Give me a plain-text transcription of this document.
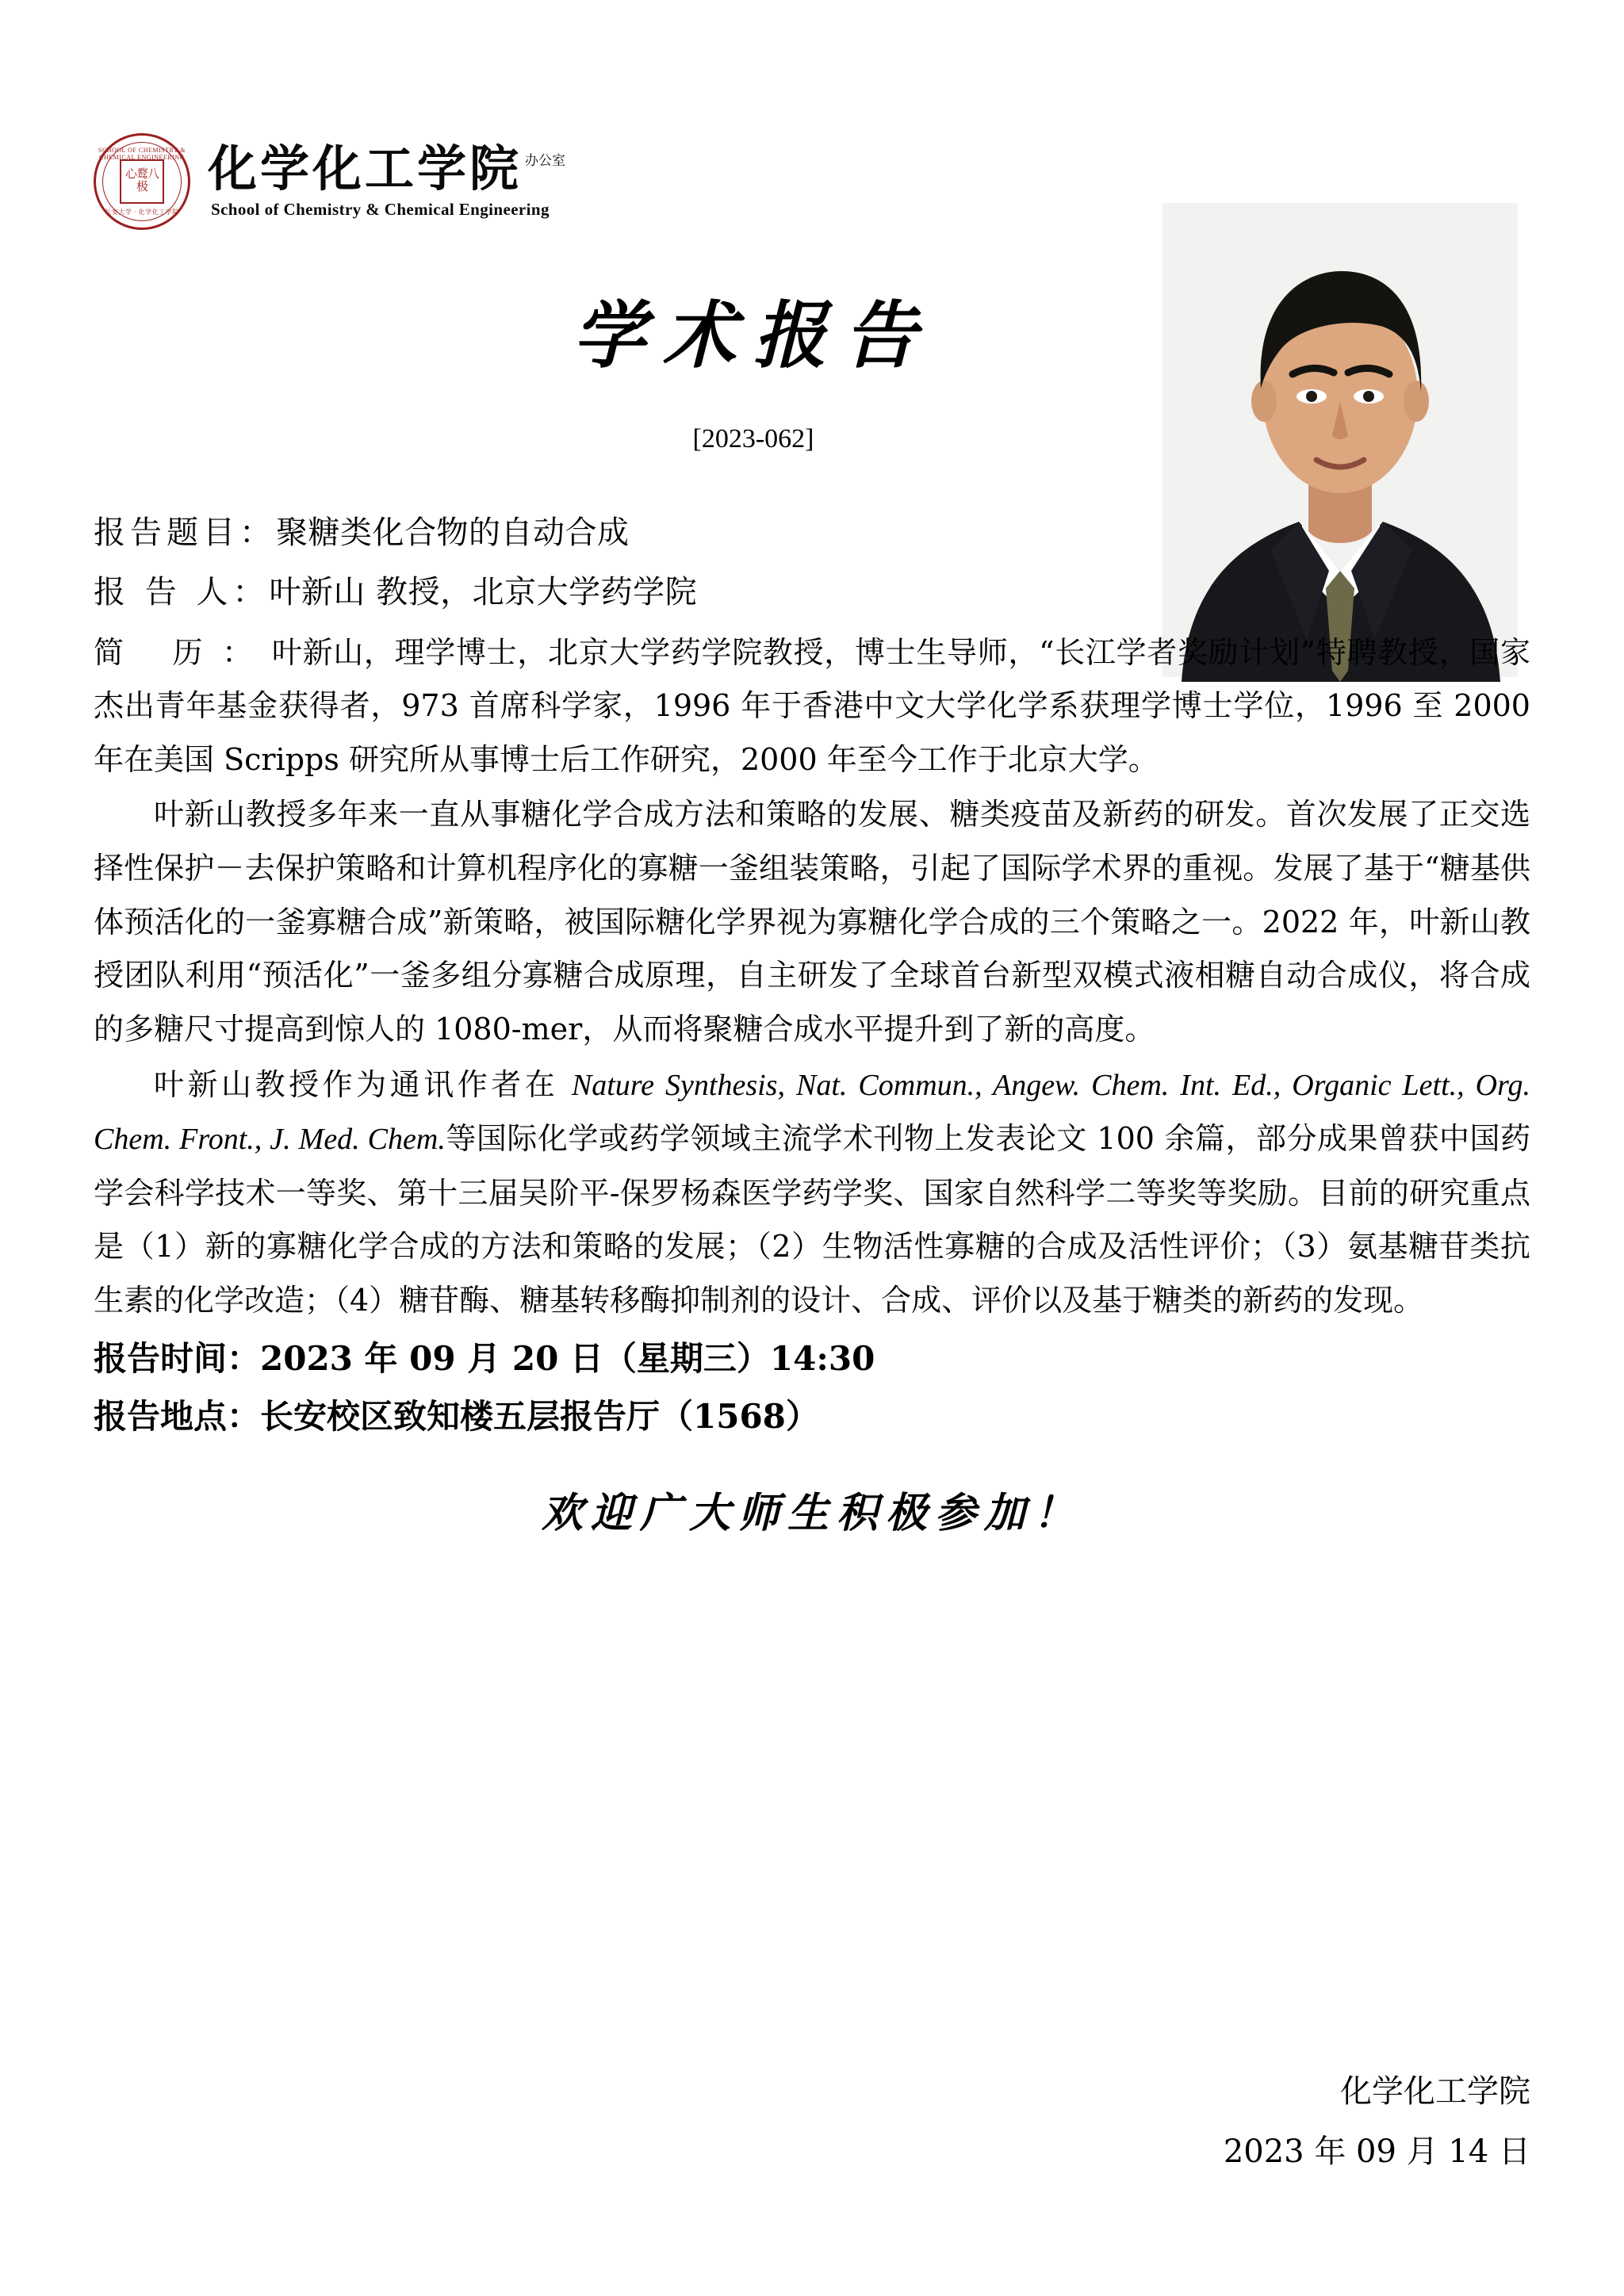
SCHOOL OF CHEMISTRY & CHEMICAL ENGINEERING
心鹜八极
长安大学 · 化学化工学院
化学化工学院 $^{办公室}$
School of Chemistry & Chemical Engineering
学术报告
[2023-062]
报告题目：聚糖类化合物的自动合成
报 告 人：叶新山 教授，北京大学药学院
简 历：叶新山，理学博士，北京大学药学院教授，博士生导师，“长江学者奖励计划”特聘教授，国家杰出青年基金获得者，973 首席科学家，1996 年于香港中文大学化学系获理学博士学位，1996 至 2000 年在美国 Scripps 研究所从事博士后工作研究，2000 年至今工作于北京大学。
叶新山教授多年来一直从事糖化学合成方法和策略的发展、糖类疫苗及新药的研发。首次发展了正交选择性保护－去保护策略和计算机程序化的寡糖一釜组装策略，引起了国际学术界的重视。发展了基于“糖基供体预活化的一釜寡糖合成”新策略，被国际糖化学界视为寡糖化学合成的三个策略之一。2022 年，叶新山教授团队利用“预活化”一釜多组分寡糖合成原理，自主研发了全球首台新型双模式液相糖自动合成仪，将合成的多糖尺寸提高到惊人的 1080-mer，从而将聚糖合成水平提升到了新的高度。
叶新山教授作为通讯作者在 Nature Synthesis, Nat. Commun., Angew. Chem. Int. Ed., Organic Lett., Org. Chem. Front., J. Med. Chem.等国际化学或药学领域主流学术刊物上发表论文 100 余篇，部分成果曾获中国药学会科学技术一等奖、第十三届吴阶平-保罗杨森医学药学奖、国家自然科学二等奖等奖励。目前的研究重点是（1）新的寡糖化学合成的方法和策略的发展；（2）生物活性寡糖的合成及活性评价；（3）氨基糖苷类抗生素的化学改造；（4）糖苷酶、糖基转移酶抑制剂的设计、合成、评价以及基于糖类的新药的发现。
报告时间：2023 年 09 月 20 日（星期三）14:30
报告地点：长安校区致知楼五层报告厅（1568）
欢迎广大师生积极参加！
化学化工学院
2023 年 09 月 14 日
